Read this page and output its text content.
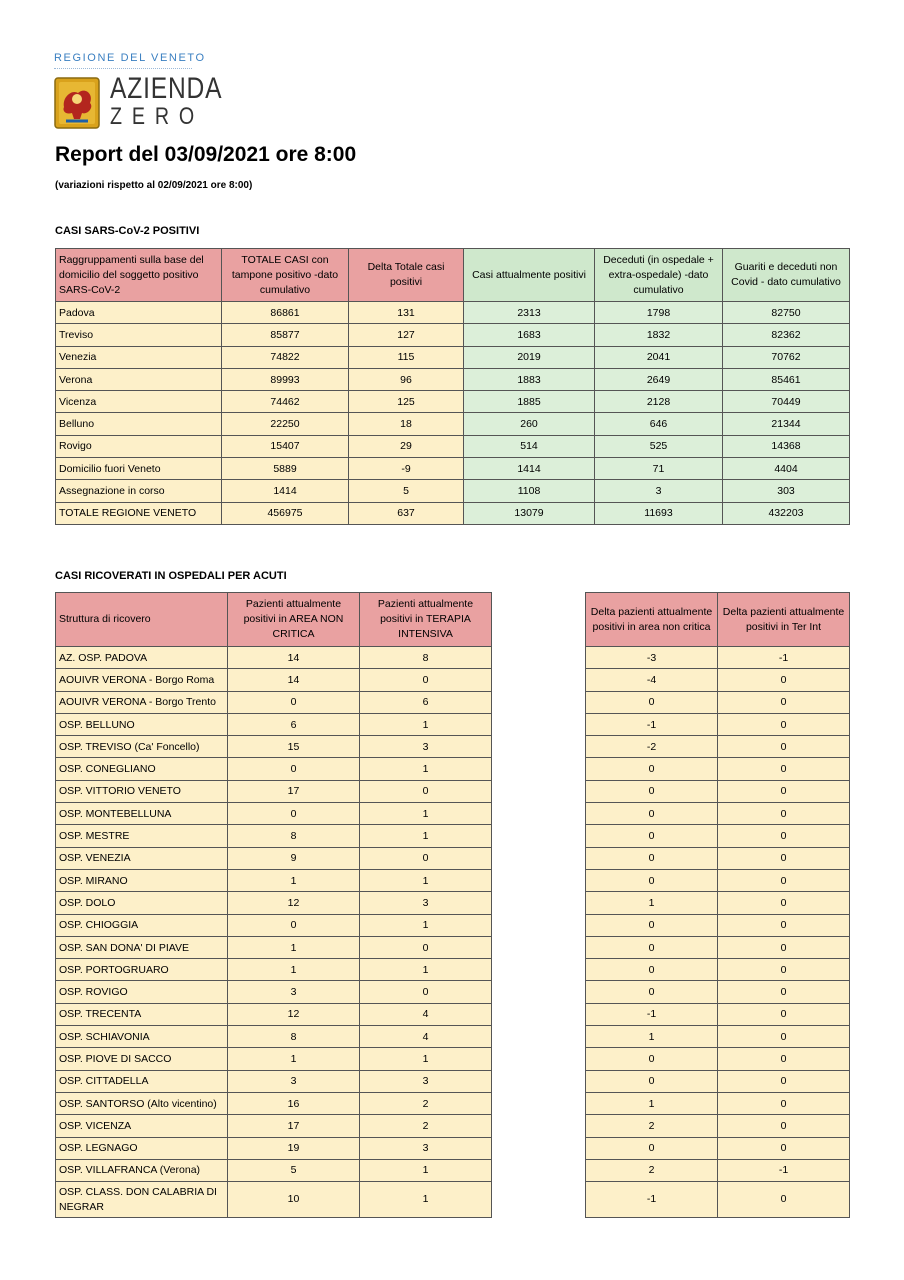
REGIONE DEL VENETO
AZIENDA
ZERO
Report del 03/09/2021 ore 8:00
(variazioni rispetto al 02/09/2021 ore 8:00)
CASI SARS-CoV-2 POSITIVI
Raggruppamenti sulla base del domicilio del soggetto positivo SARS-CoV-2	TOTALE CASI con tampone positivo -dato cumulativo	Delta Totale casi positivi	Casi attualmente positivi	Deceduti (in ospedale + extra-ospedale) -dato cumulativo	Guariti e deceduti non Covid - dato cumulativo
Padova	86861	131	2313	1798	82750
Treviso	85877	127	1683	1832	82362
Venezia	74822	115	2019	2041	70762
Verona	89993	96	1883	2649	85461
Vicenza	74462	125	1885	2128	70449
Belluno	22250	18	260	646	21344
Rovigo	15407	29	514	525	14368
Domicilio fuori Veneto	5889	-9	1414	71	4404
Assegnazione in corso	1414	5	1108	3	303
TOTALE REGIONE VENETO	456975	637	13079	11693	432203
CASI RICOVERATI IN OSPEDALI PER ACUTI
Struttura di ricovero	Pazienti attualmente positivi in AREA NON CRITICA	Pazienti attualmente positivi in TERAPIA INTENSIVA
AZ. OSP. PADOVA	14	8
AOUIVR VERONA - Borgo Roma	14	0
AOUIVR VERONA - Borgo Trento	0	6
OSP. BELLUNO	6	1
OSP. TREVISO (Ca' Foncello)	15	3
OSP. CONEGLIANO	0	1
OSP. VITTORIO VENETO	17	0
OSP. MONTEBELLUNA	0	1
OSP. MESTRE	8	1
OSP. VENEZIA	9	0
OSP. MIRANO	1	1
OSP. DOLO	12	3
OSP. CHIOGGIA	0	1
OSP. SAN DONA' DI PIAVE	1	0
OSP. PORTOGRUARO	1	1
OSP. ROVIGO	3	0
OSP. TRECENTA	12	4
OSP. SCHIAVONIA	8	4
OSP. PIOVE DI SACCO	1	1
OSP. CITTADELLA	3	3
OSP. SANTORSO (Alto vicentino)	16	2
OSP. VICENZA	17	2
OSP. LEGNAGO	19	3
OSP. VILLAFRANCA (Verona)	5	1
OSP. CLASS. DON CALABRIA DI NEGRAR	10	1
Delta pazienti attualmente positivi in area non critica	Delta pazienti attualmente positivi in Ter Int
-3	-1
-4	0
0	0
-1	0
-2	0
0	0
0	0
0	0
0	0
0	0
0	0
1	0
0	0
0	0
0	0
0	0
-1	0
1	0
0	0
0	0
1	0
2	0
0	0
2	-1
-1	0
